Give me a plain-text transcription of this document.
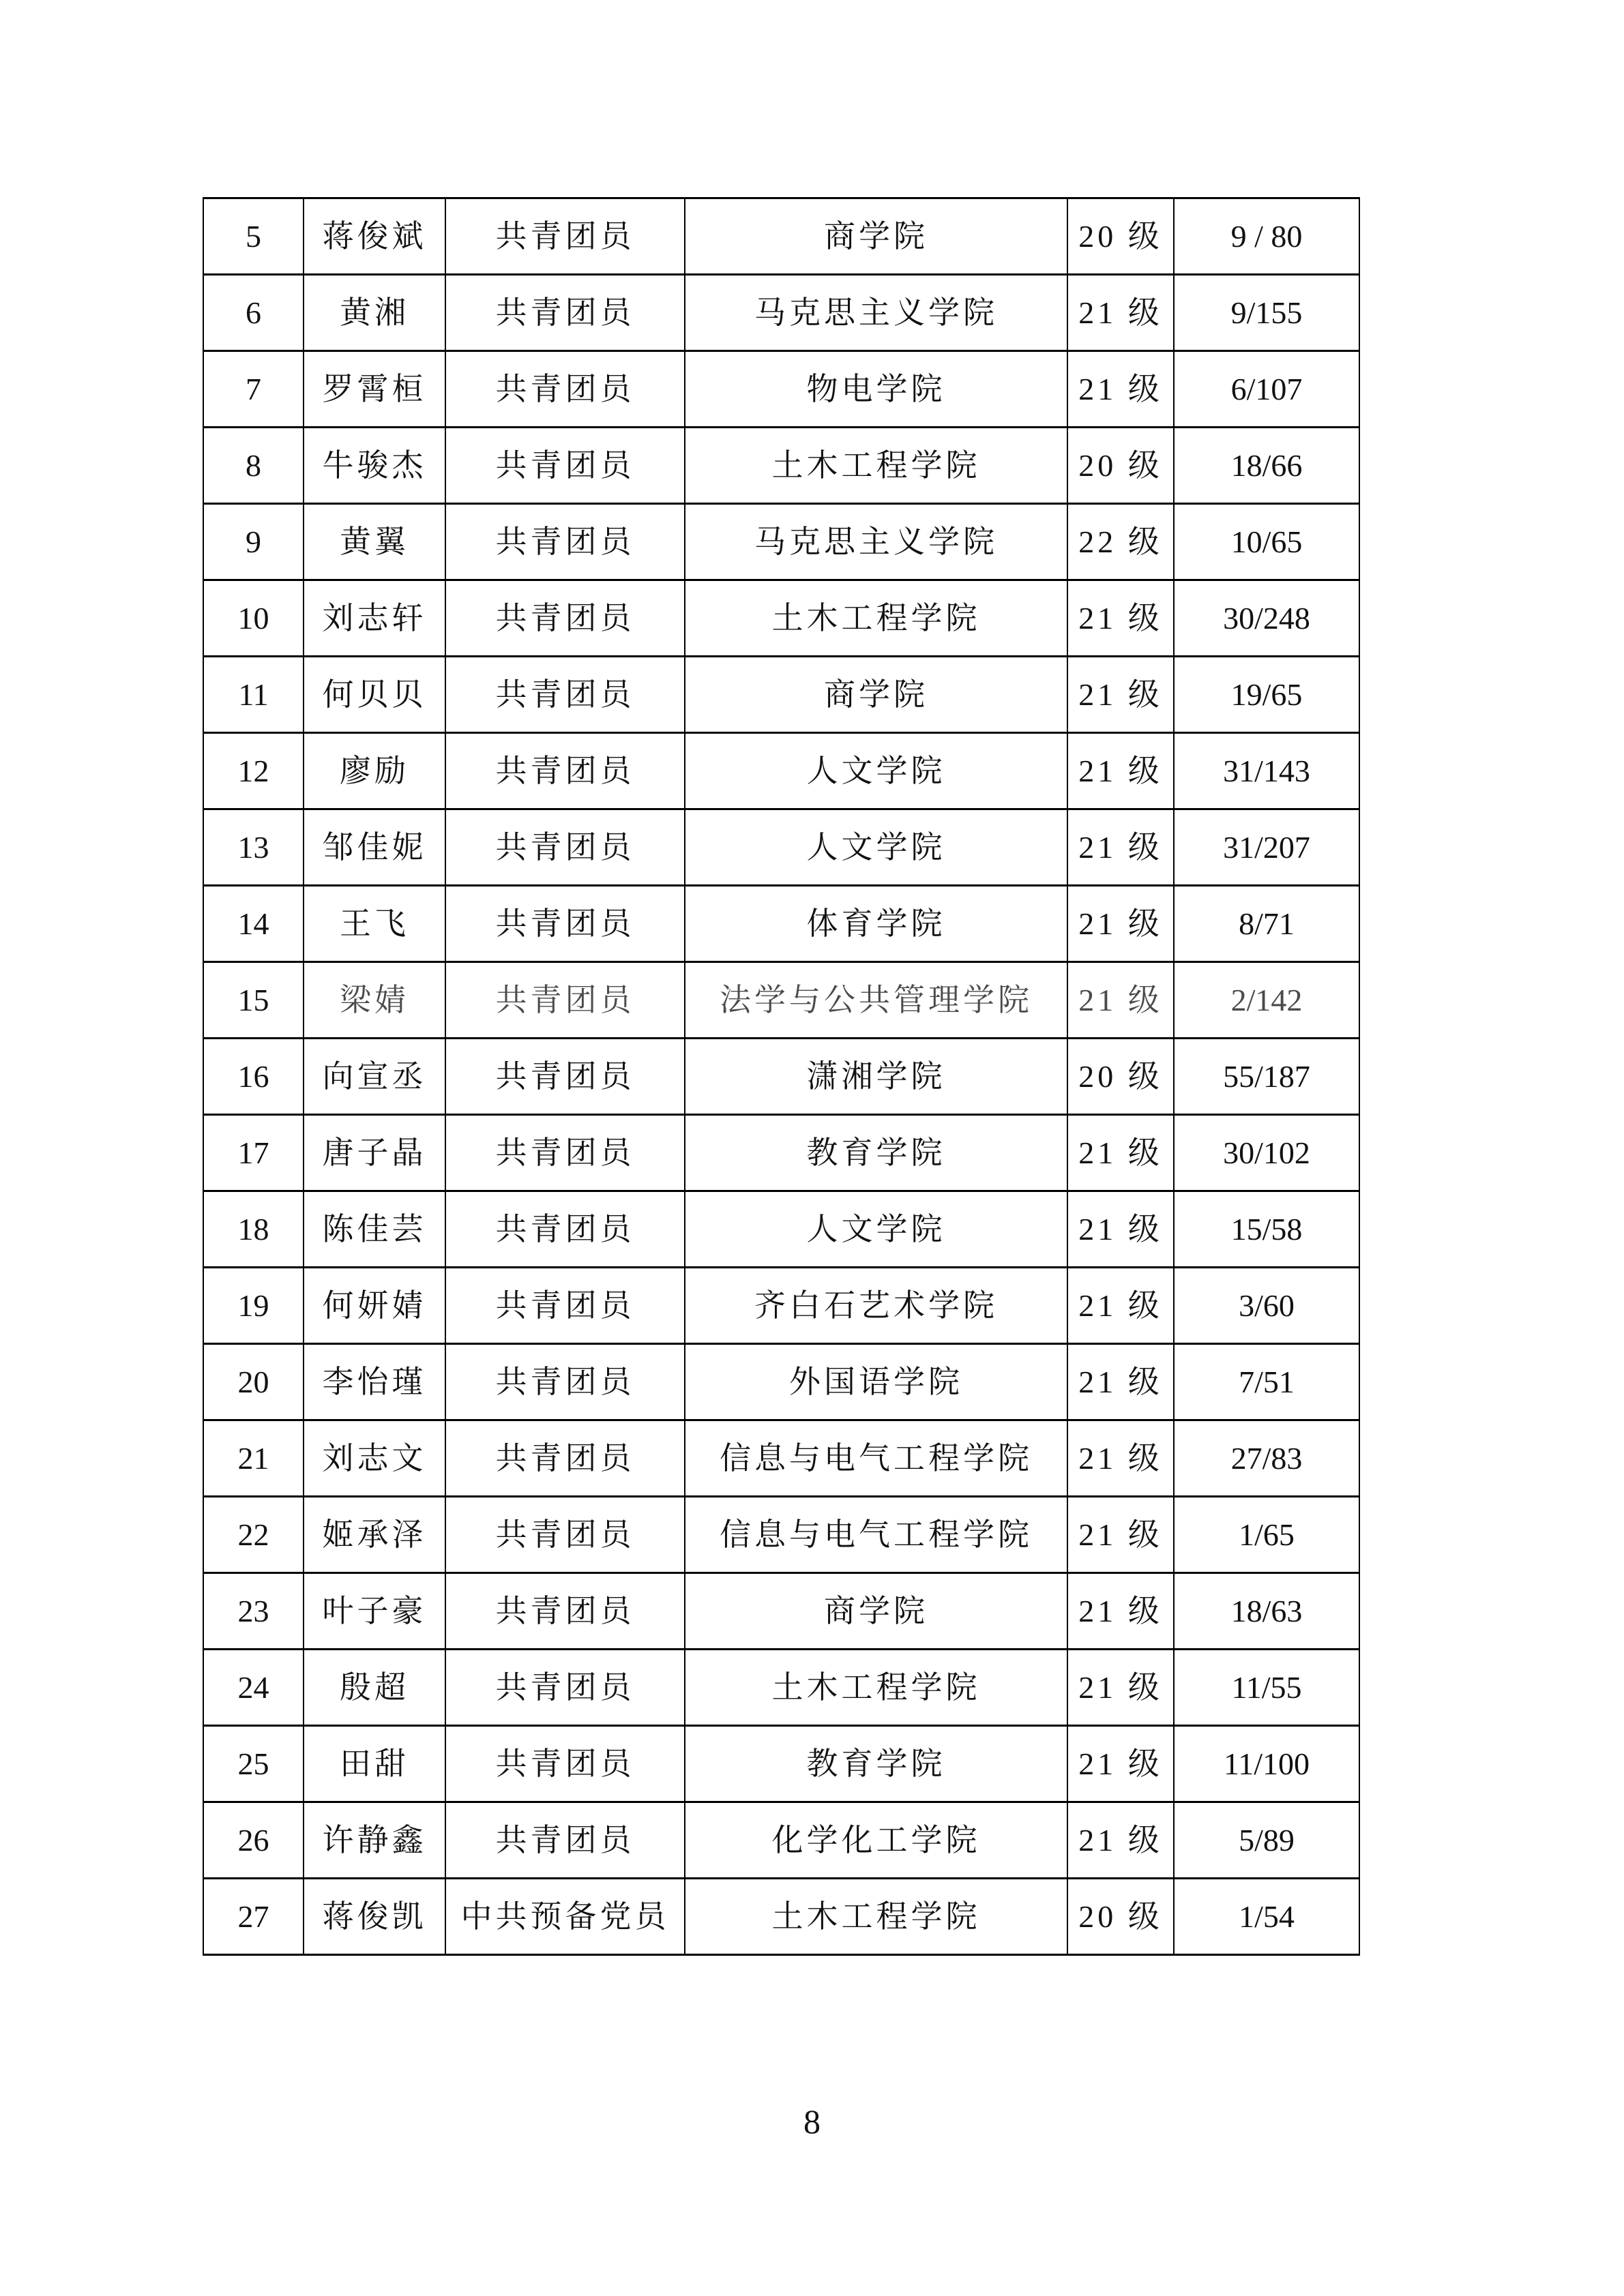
5	蒋俊斌	共青团员	商学院	20 级	9 / 80
6	黄湘	共青团员	马克思主义学院	21 级	9/155
7	罗霄桓	共青团员	物电学院	21 级	6/107
8	牛骏杰	共青团员	土木工程学院	20 级	18/66
9	黄翼	共青团员	马克思主义学院	22 级	10/65
10	刘志轩	共青团员	土木工程学院	21 级	30/248
11	何贝贝	共青团员	商学院	21 级	19/65
12	廖励	共青团员	人文学院	21 级	31/143
13	邹佳妮	共青团员	人文学院	21 级	31/207
14	王飞	共青团员	体育学院	21 级	8/71
15	梁婧	共青团员	法学与公共管理学院	21 级	2/142
16	向宣丞	共青团员	潇湘学院	20 级	55/187
17	唐子晶	共青团员	教育学院	21 级	30/102
18	陈佳芸	共青团员	人文学院	21 级	15/58
19	何妍婧	共青团员	齐白石艺术学院	21 级	3/60
20	李怡瑾	共青团员	外国语学院	21 级	7/51
21	刘志文	共青团员	信息与电气工程学院	21 级	27/83
22	姬承泽	共青团员	信息与电气工程学院	21 级	1/65
23	叶子豪	共青团员	商学院	21 级	18/63
24	殷超	共青团员	土木工程学院	21 级	11/55
25	田甜	共青团员	教育学院	21 级	11/100
26	许静鑫	共青团员	化学化工学院	21 级	5/89
27	蒋俊凯	中共预备党员	土木工程学院	20 级	1/54
8
